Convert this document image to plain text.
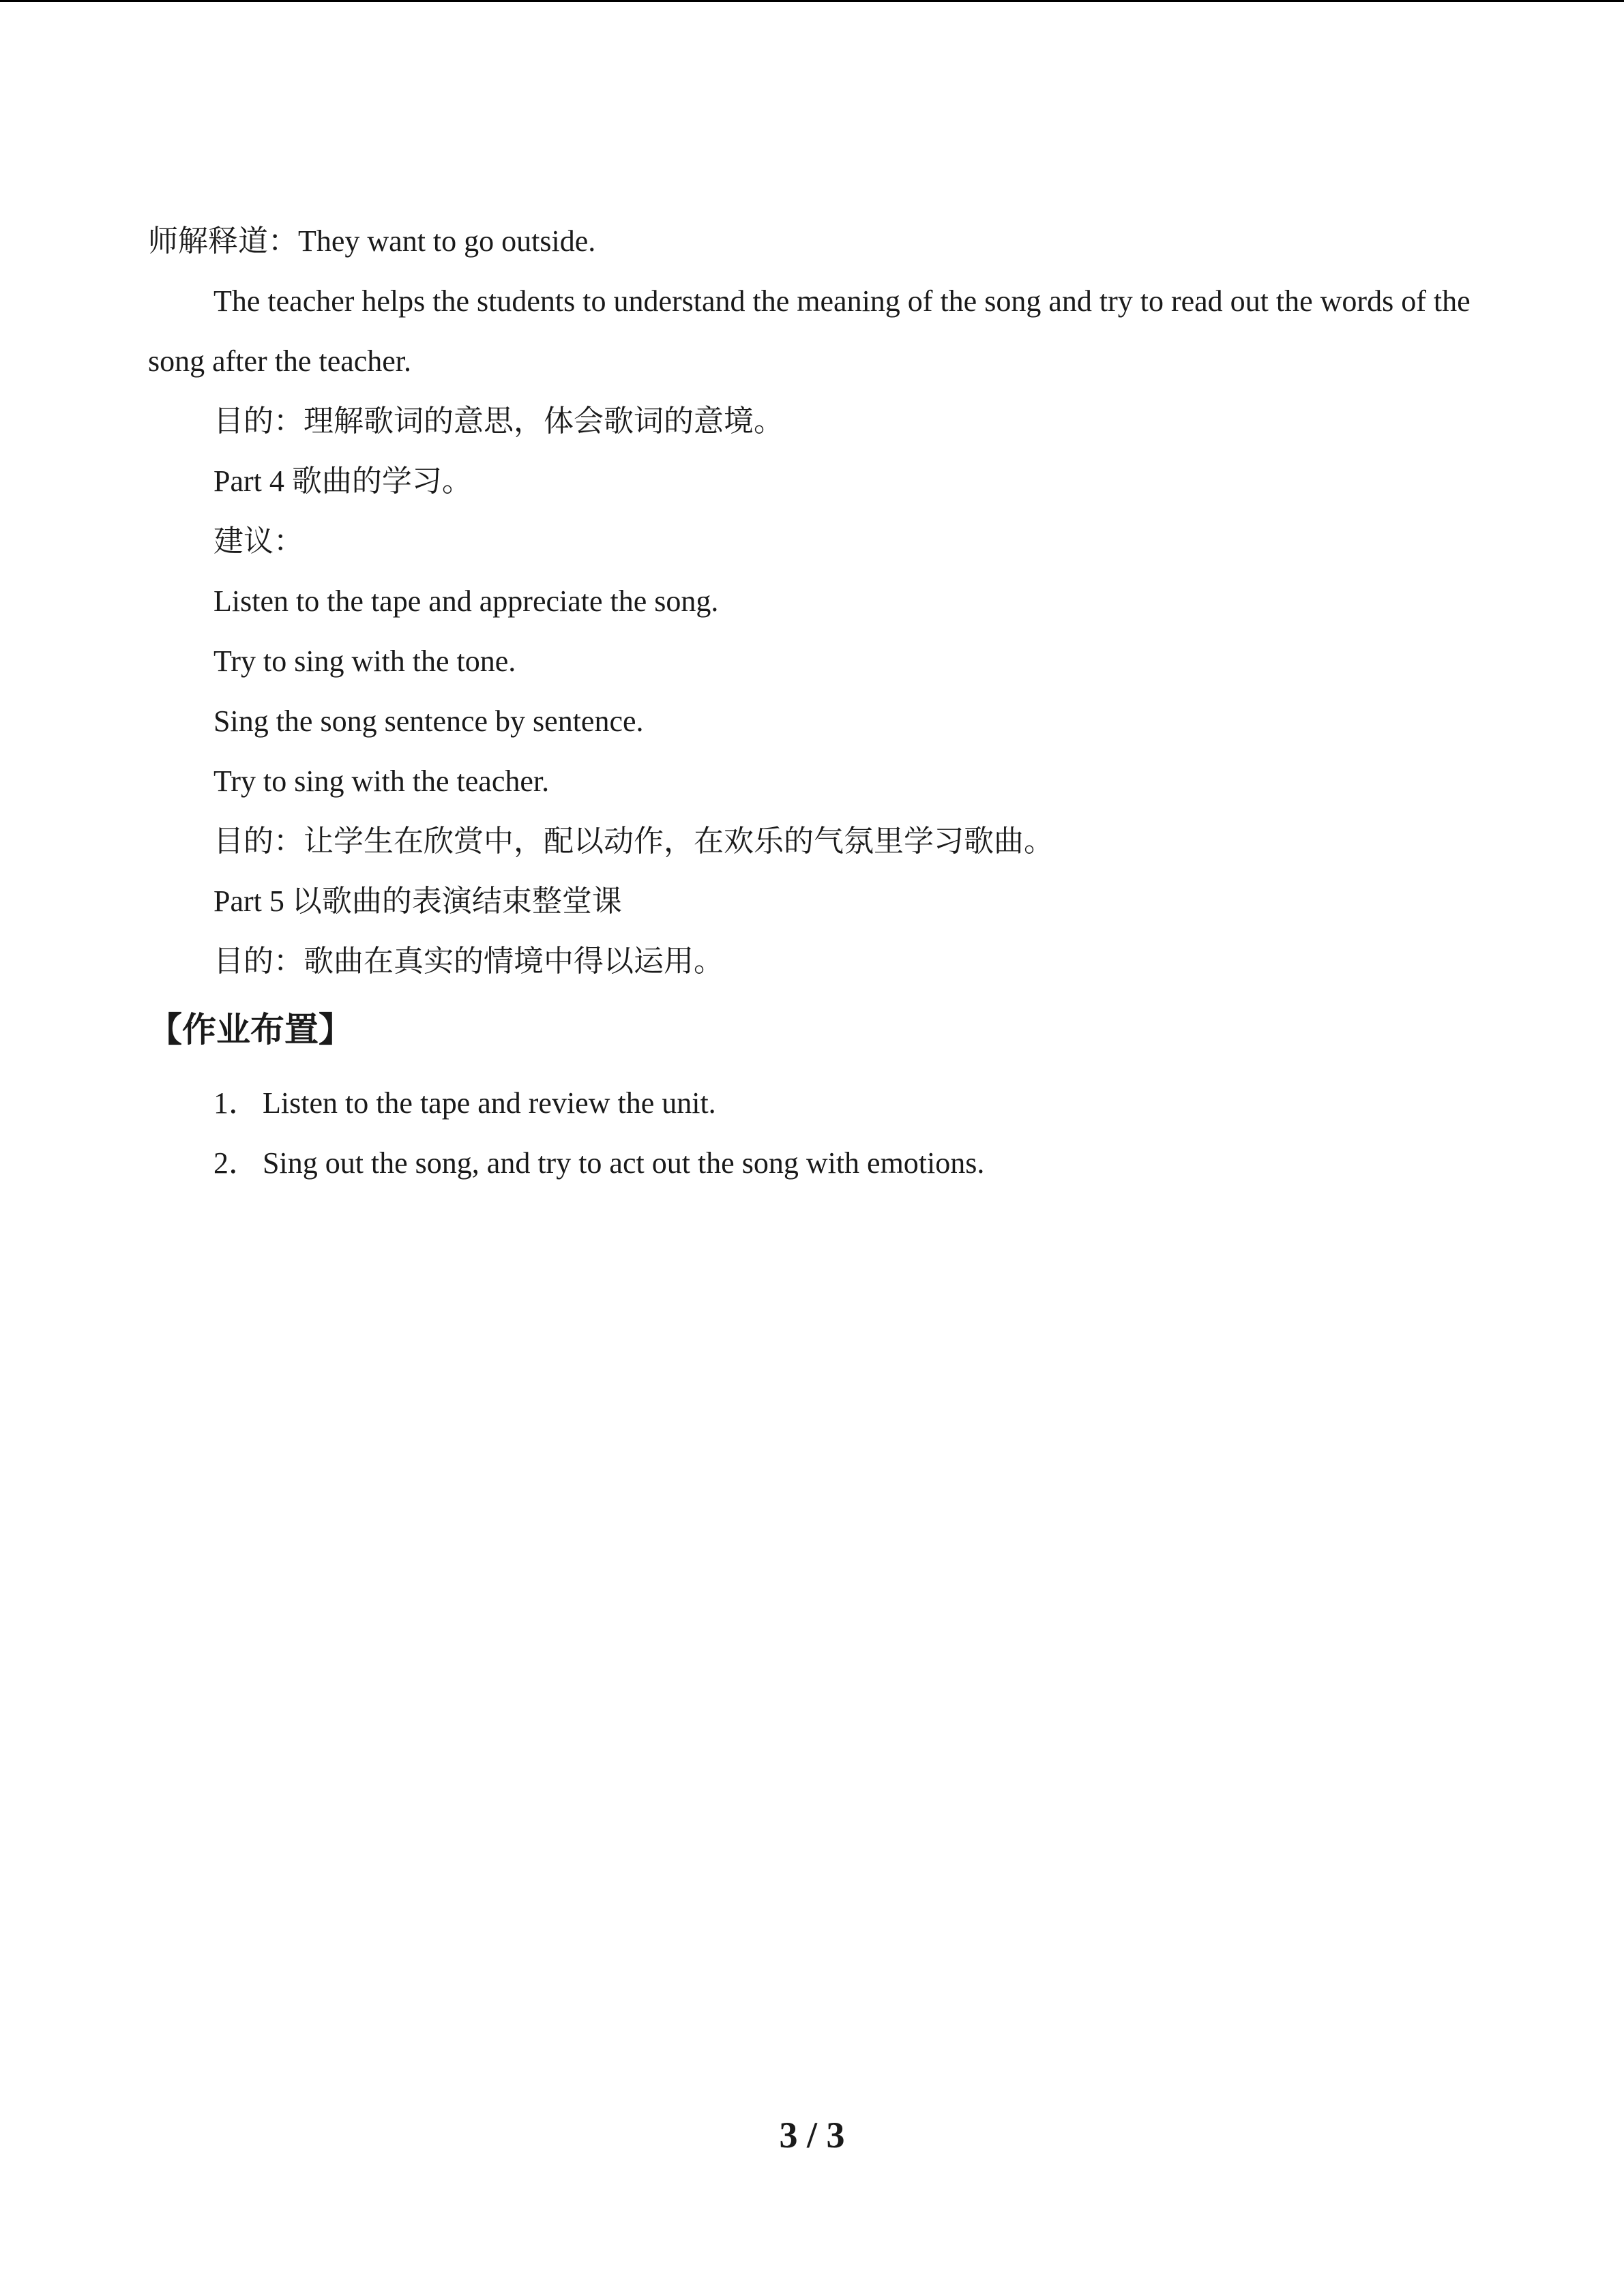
师解释道：They want to go outside.
The teacher helps the students to understand the meaning of the song and try to read out the words of the song after the teacher.
目的：理解歌词的意思，体会歌词的意境。
Part 4 歌曲的学习。
建议：
Listen to the tape and appreciate the song.
Try to sing with the tone.
Sing the song sentence by sentence.
Try to sing with the teacher.
目的：让学生在欣赏中，配以动作，在欢乐的气氛里学习歌曲。
Part 5 以歌曲的表演结束整堂课
目的：歌曲在真实的情境中得以运用。
【作业布置】
1． Listen to the tape and review the unit.
2． Sing out the song, and try to act out the song with emotions.
3 / 3
